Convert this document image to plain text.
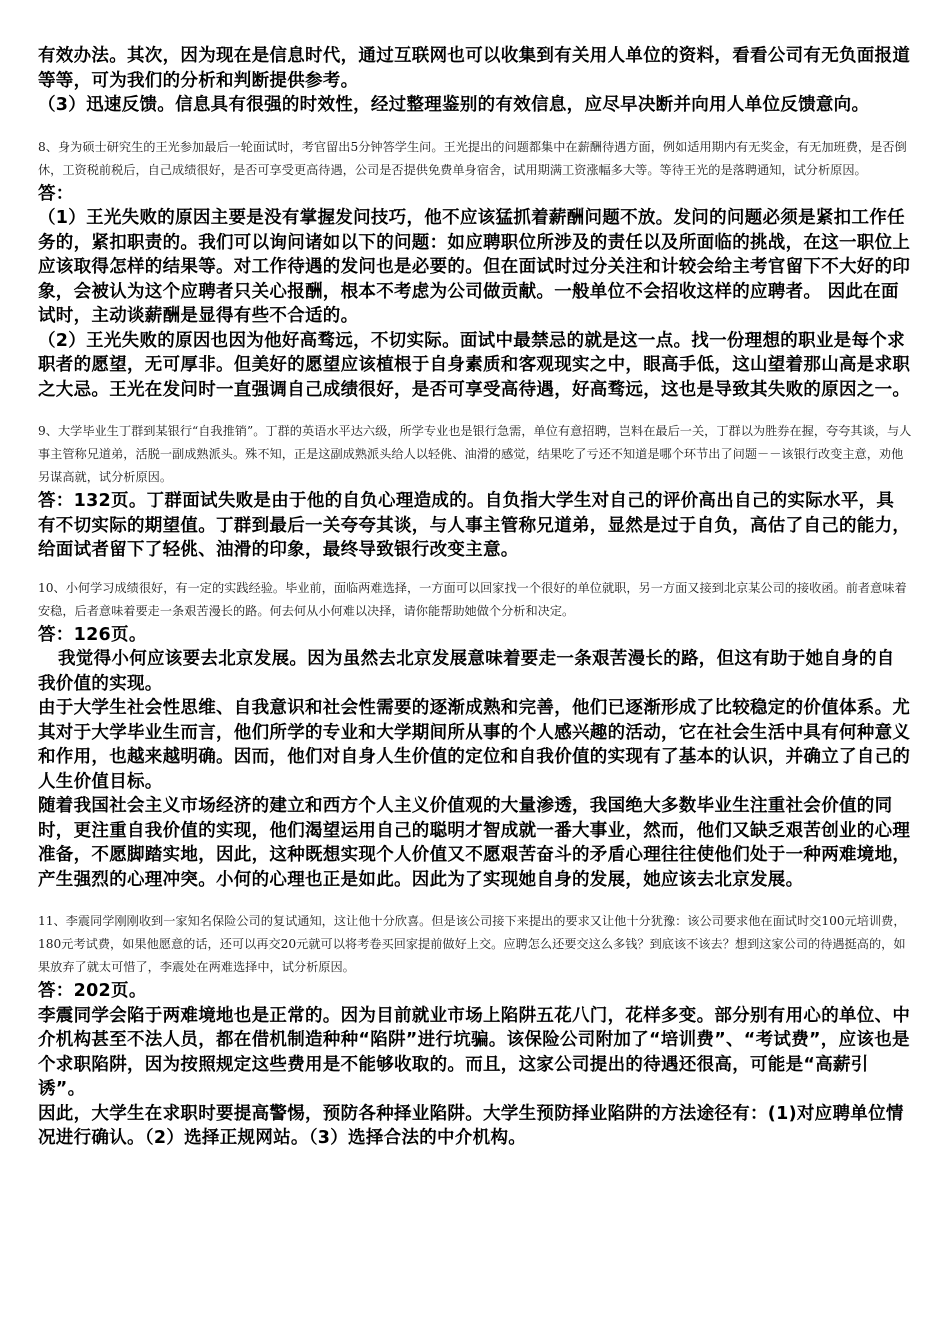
有效办法。其次，因为现在是信息时代，通过互联网也可以收集到有关用人单位的资料，看看公司有无负面报道等等，可为我们的分析和判断提供参考。

（3）迅速反馈。信息具有很强的时效性，经过整理鉴别的有效信息，应尽早决断并向用人单位反馈意向。

8、身为硕士研究生的王光参加最后一轮面试时，考官留出5分钟答学生问。王光提出的问题都集中在薪酬待遇方面，例如适用期内有无奖金，有无加班费，是否倒休，工资税前税后，自己成绩很好，是否可享受更高待遇，公司是否提供免费单身宿舍，试用期满工资涨幅多大等。等待王光的是落聘通知，试分析原因。

答：

（1）王光失败的原因主要是没有掌握发问技巧，他不应该猛抓着薪酬问题不放。发问的问题必须是紧扣工作任务的，紧扣职责的。我们可以询问诸如以下的问题：如应聘职位所涉及的责任以及所面临的挑战，在这一职位上应该取得怎样的结果等。对工作待遇的发问也是必要的。但在面试时过分关注和计较会给主考官留下不大好的印象，会被认为这个应聘者只关心报酬，根本不考虑为公司做贡献。一般单位不会招收这样的应聘者。 因此在面试时，主动谈薪酬是显得有些不合适的。

（2）王光失败的原因也因为他好高骛远，不切实际。面试中最禁忌的就是这一点。找一份理想的职业是每个求职者的愿望，无可厚非。但美好的愿望应该植根于自身素质和客观现实之中，眼高手低，这山望着那山高是求职之大忌。王光在发问时一直强调自己成绩很好，是否可享受高待遇，好高骛远，这也是导致其失败的原因之一。

9、大学毕业生丁群到某银行“自我推销”。丁群的英语水平达六级，所学专业也是银行急需，单位有意招聘，岂料在最后一关，丁群以为胜券在握，夸夸其谈，与人事主管称兄道弟，活脱一副成熟派头。殊不知，正是这副成熟派头给人以轻佻、油滑的感觉，结果吃了亏还不知道是哪个环节出了问题－－该银行改变主意，劝他另谋高就，试分析原因。

答：132页。丁群面试失败是由于他的自负心理造成的。自负指大学生对自己的评价高出自己的实际水平，具有不切实际的期望值。丁群到最后一关夸夸其谈，与人事主管称兄道弟，显然是过于自负，高估了自己的能力，给面试者留下了轻佻、油滑的印象，最终导致银行改变主意。

10、小何学习成绩很好，有一定的实践经验。毕业前，面临两难选择，一方面可以回家找一个很好的单位就职，另一方面又接到北京某公司的接收函。前者意味着安稳，后者意味着要走一条艰苦漫长的路。何去何从小何难以决择，请你能帮助她做个分析和决定。

答：126页。

我觉得小何应该要去北京发展。因为虽然去北京发展意味着要走一条艰苦漫长的路，但这有助于她自身的自我价值的实现。

由于大学生社会性思维、自我意识和社会性需要的逐渐成熟和完善，他们已逐渐形成了比较稳定的价值体系。尤其对于大学毕业生而言，他们所学的专业和大学期间所从事的个人感兴趣的活动，它在社会生活中具有何种意义和作用，也越来越明确。因而，他们对自身人生价值的定位和自我价值的实现有了基本的认识，并确立了自己的人生价值目标。

随着我国社会主义市场经济的建立和西方个人主义价值观的大量渗透，我国绝大多数毕业生注重社会价值的同时，更注重自我价值的实现，他们渴望运用自己的聪明才智成就一番大事业，然而，他们又缺乏艰苦创业的心理准备，不愿脚踏实地，因此，这种既想实现个人价值又不愿艰苦奋斗的矛盾心理往往使他们处于一种两难境地，产生强烈的心理冲突。小何的心理也正是如此。因此为了实现她自身的发展，她应该去北京发展。

11、李震同学刚刚收到一家知名保险公司的复试通知，这让他十分欣喜。但是该公司接下来提出的要求又让他十分犹豫：该公司要求他在面试时交100元培训费，180元考试费，如果他愿意的话，还可以再交20元就可以将考卷买回家提前做好上交。应聘怎么还要交这么多钱？到底该不该去？想到这家公司的待遇挺高的，如果放弃了就太可惜了，李震处在两难选择中，试分析原因。

答：202页。

李震同学会陷于两难境地也是正常的。因为目前就业市场上陷阱五花八门，花样多变。部分别有用心的单位、中介机构甚至不法人员，都在借机制造种种“陷阱”进行坑骗。该保险公司附加了“培训费”、“考试费”，应该也是个求职陷阱，因为按照规定这些费用是不能够收取的。而且，这家公司提出的待遇还很高，可能是“高薪引诱”。

因此，大学生在求职时要提高警惕，预防各种择业陷阱。大学生预防择业陷阱的方法途径有：(1)对应聘单位情况进行确认。（2）选择正规网站。（3）选择合法的中介机构。
